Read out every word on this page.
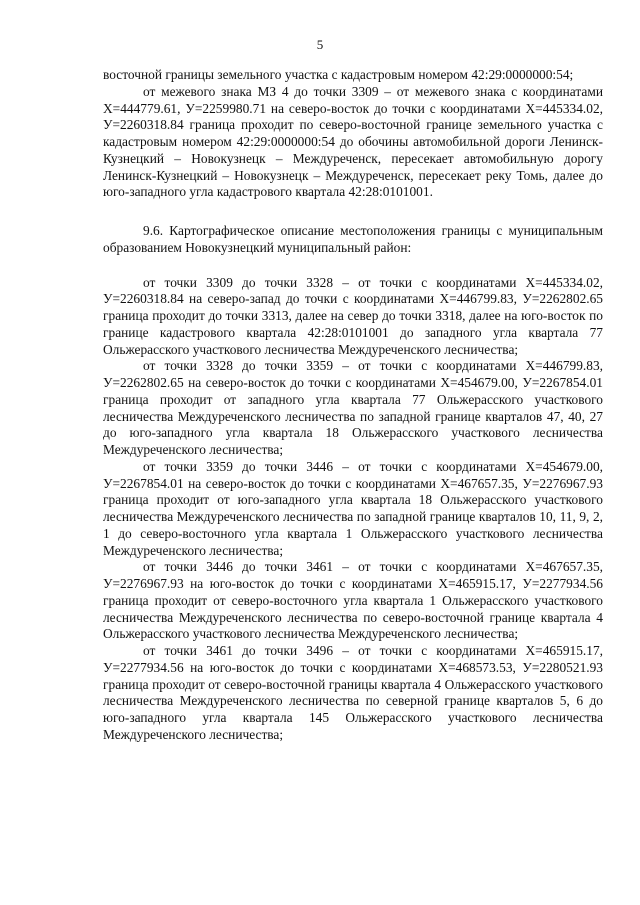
5

восточной границы земельного участка с кадастровым номером 42:29:0000000:54;

от межевого знака МЗ 4 до точки 3309 – от межевого знака с координатами Х=444779.61, У=2259980.71 на северо-восток до точки с координатами Х=445334.02, У=2260318.84 граница проходит по северо-восточной границе земельного участка с кадастровым номером 42:29:0000000:54 до обочины автомобильной дороги Ленинск-Кузнецкий – Новокузнецк – Междуреченск, пересекает автомобильную дорогу Ленинск-Кузнецкий – Новокузнецк – Междуреченск, пересекает реку Томь, далее до юго-западного угла кадастрового квартала 42:28:0101001.

9.6. Картографическое описание местоположения границы с муниципальным образованием Новокузнецкий муниципальный район:

от точки 3309 до точки 3328 – от точки с координатами Х=445334.02, У=2260318.84 на северо-запад до точки с координатами Х=446799.83, У=2262802.65 граница проходит до точки 3313, далее на север до точки 3318, далее на юго-восток по границе кадастрового квартала 42:28:0101001 до западного угла квартала 77 Ольжерасского участкового лесничества Междуреченского лесничества;

от точки 3328 до точки 3359 – от точки с координатами Х=446799.83, У=2262802.65 на северо-восток до точки с координатами Х=454679.00, У=2267854.01 граница проходит от западного угла квартала 77 Ольжерасского участкового лесничества Междуреченского лесничества по западной границе кварталов 47, 40, 27 до юго-западного угла квартала 18 Ольжерасского участкового лесничества Междуреченского лесничества;

от точки 3359 до точки 3446 – от точки с координатами Х=454679.00, У=2267854.01 на северо-восток до точки с координатами Х=467657.35, У=2276967.93 граница проходит от юго-западного угла квартала 18 Ольжерасского участкового лесничества Междуреченского лесничества по западной границе кварталов 10, 11, 9, 2, 1 до северо-восточного угла квартала 1 Ольжерасского участкового лесничества Междуреченского лесничества;

от точки 3446 до точки 3461 – от точки с координатами Х=467657.35, У=2276967.93 на юго-восток до точки с координатами Х=465915.17, У=2277934.56 граница проходит от северо-восточного угла квартала 1 Ольжерасского участкового лесничества Междуреченского лесничества по северо-восточной границе квартала 4 Ольжерасского участкового лесничества Междуреченского лесничества;

от точки 3461 до точки 3496 – от точки с координатами Х=465915.17, У=2277934.56 на юго-восток до точки с координатами Х=468573.53, У=2280521.93 граница проходит от северо-восточной границы квартала 4 Ольжерасского участкового лесничества Междуреченского лесничества по северной границе кварталов 5, 6 до юго-западного угла квартала 145 Ольжерасского участкового лесничества Междуреченского лесничества;
